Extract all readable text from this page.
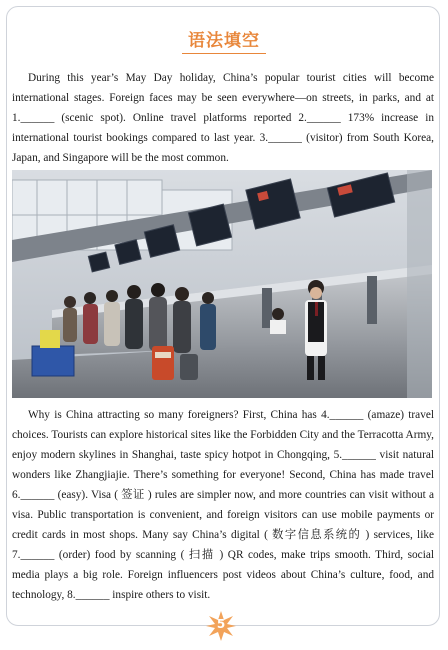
语法填空

During this year’s May Day holiday, China’s popular tourist cities will become international stages. Foreign faces may be seen everywhere—on streets, in parks, and at 1.______ (scenic spot). Online travel platforms reported 2.______ 173% increase in international tourist bookings compared to last year. 3.______ (visitor) from South Korea, Japan, and Singapore will be the most common.

Why is China attracting so many foreigners? First, China has 4.______ (amaze) travel choices. Tourists can explore historical sites like the Forbidden City and the Terracotta Army, enjoy modern skylines in Shanghai, taste spicy hotpot in Chongqing, 5.______ visit natural wonders like Zhangjiajie. There’s something for everyone! Second, China has made travel 6.______ (easy). Visa ( 签证 ) rules are simpler now, and more countries can visit without a visa. Public transportation is convenient, and foreign visitors can use mobile payments or credit cards in most shops. Many say China’s digital ( 数字信息系统的 ) services, like 7.______ (order) food by scanning ( 扫描 ) QR codes, make trips smooth. Third, social media plays a big role. Foreign influencers post videos about China’s culture, food, and technology, 8.______ inspire others to visit.

5
